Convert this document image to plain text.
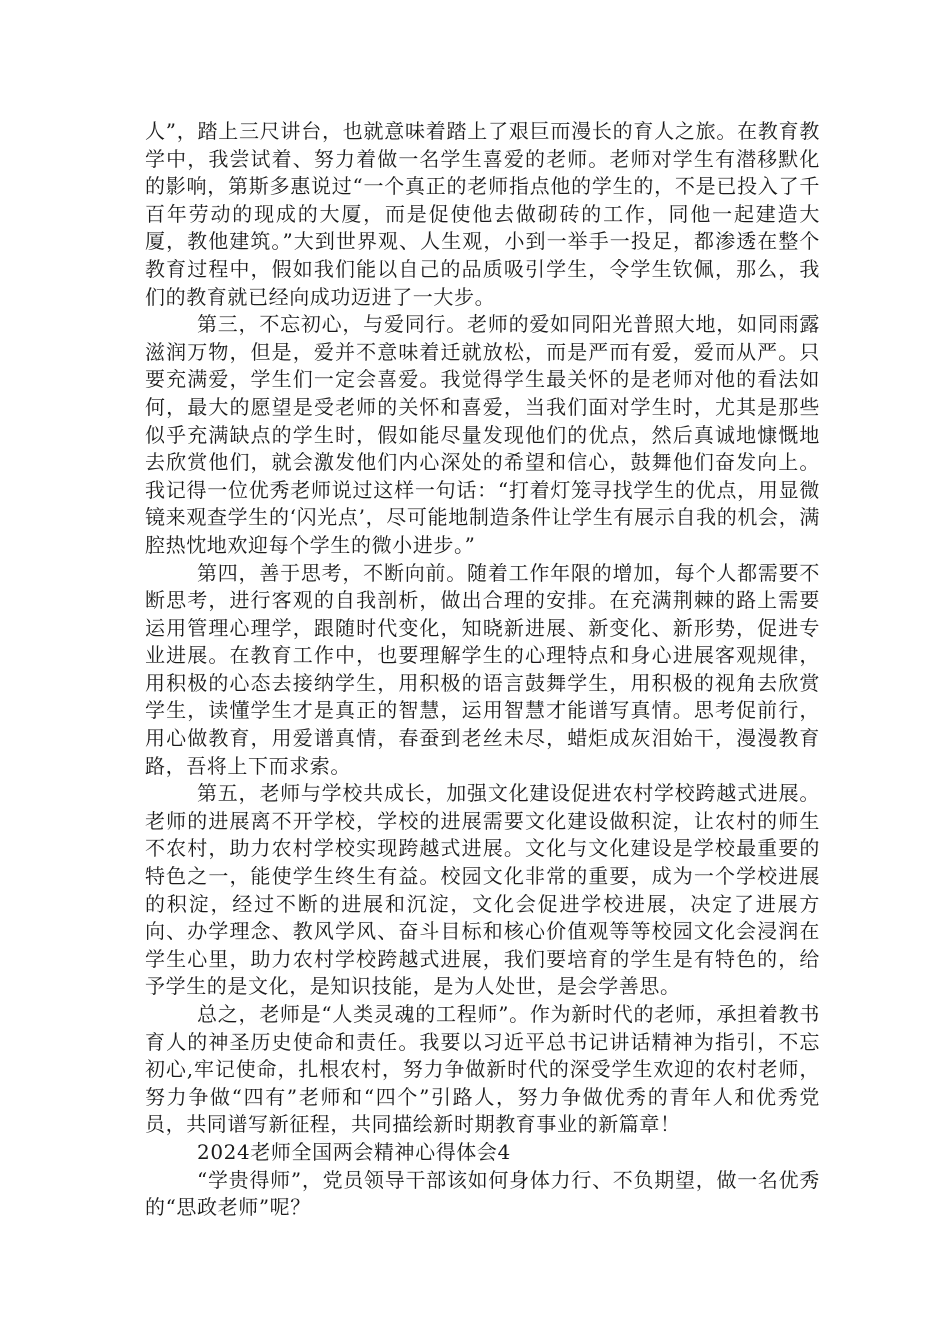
人”，踏上三尺讲台，也就意味着踏上了艰巨而漫长的育人之旅。在教育教学中，我尝试着、努力着做一名学生喜爱的老师。老师对学生有潜移默化的影响，第斯多惠说过“一个真正的老师指点他的学生的，不是已投入了千百年劳动的现成的大厦，而是促使他去做砌砖的工作，同他一起建造大厦，教他建筑。”大到世界观、人生观，小到一举手一投足，都渗透在整个教育过程中，假如我们能以自己的品质吸引学生，令学生钦佩，那么，我们的教育就已经向成功迈进了一大步。

第三，不忘初心，与爱同行。老师的爱如同阳光普照大地，如同雨露滋润万物，但是，爱并不意味着迁就放松，而是严而有爱，爱而从严。只要充满爱，学生们一定会喜爱。我觉得学生最关怀的是老师对他的看法如何，最大的愿望是受老师的关怀和喜爱，当我们面对学生时，尤其是那些似乎充满缺点的学生时，假如能尽量发现他们的优点，然后真诚地慷慨地去欣赏他们，就会激发他们内心深处的希望和信心，鼓舞他们奋发向上。我记得一位优秀老师说过这样一句话：“打着灯笼寻找学生的优点，用显微镜来观查学生的‘闪光点’，尽可能地制造条件让学生有展示自我的机会，满腔热忱地欢迎每个学生的微小进步。”

第四，善于思考，不断向前。随着工作年限的增加，每个人都需要不断思考，进行客观的自我剖析，做出合理的安排。在充满荆棘的路上需要运用管理心理学，跟随时代变化，知晓新进展、新变化、新形势，促进专业进展。在教育工作中，也要理解学生的心理特点和身心进展客观规律，用积极的心态去接纳学生，用积极的语言鼓舞学生，用积极的视角去欣赏学生，读懂学生才是真正的智慧，运用智慧才能谱写真情。思考促前行，用心做教育，用爱谱真情，春蚕到老丝未尽，蜡炬成灰泪始干，漫漫教育路，吾将上下而求索。

第五，老师与学校共成长，加强文化建设促进农村学校跨越式进展。老师的进展离不开学校，学校的进展需要文化建设做积淀，让农村的师生不农村，助力农村学校实现跨越式进展。文化与文化建设是学校最重要的特色之一，能使学生终生有益。校园文化非常的重要，成为一个学校进展的积淀，经过不断的进展和沉淀，文化会促进学校进展，决定了进展方向、办学理念、教风学风、奋斗目标和核心价值观等等校园文化会浸润在学生心里，助力农村学校跨越式进展，我们要培育的学生是有特色的，给予学生的是文化，是知识技能，是为人处世，是会学善思。

总之，老师是“人类灵魂的工程师”。作为新时代的老师，承担着教书育人的神圣历史使命和责任。我要以习近平总书记讲话精神为指引，不忘初心,牢记使命，扎根农村，努力争做新时代的深受学生欢迎的农村老师，努力争做“四有”老师和“四个”引路人，努力争做优秀的青年人和优秀党员，共同谱写新征程，共同描绘新时期教育事业的新篇章！

2024老师全国两会精神心得体会4

“学贵得师”，党员领导干部该如何身体力行、不负期望，做一名优秀的“思政老师”呢？
